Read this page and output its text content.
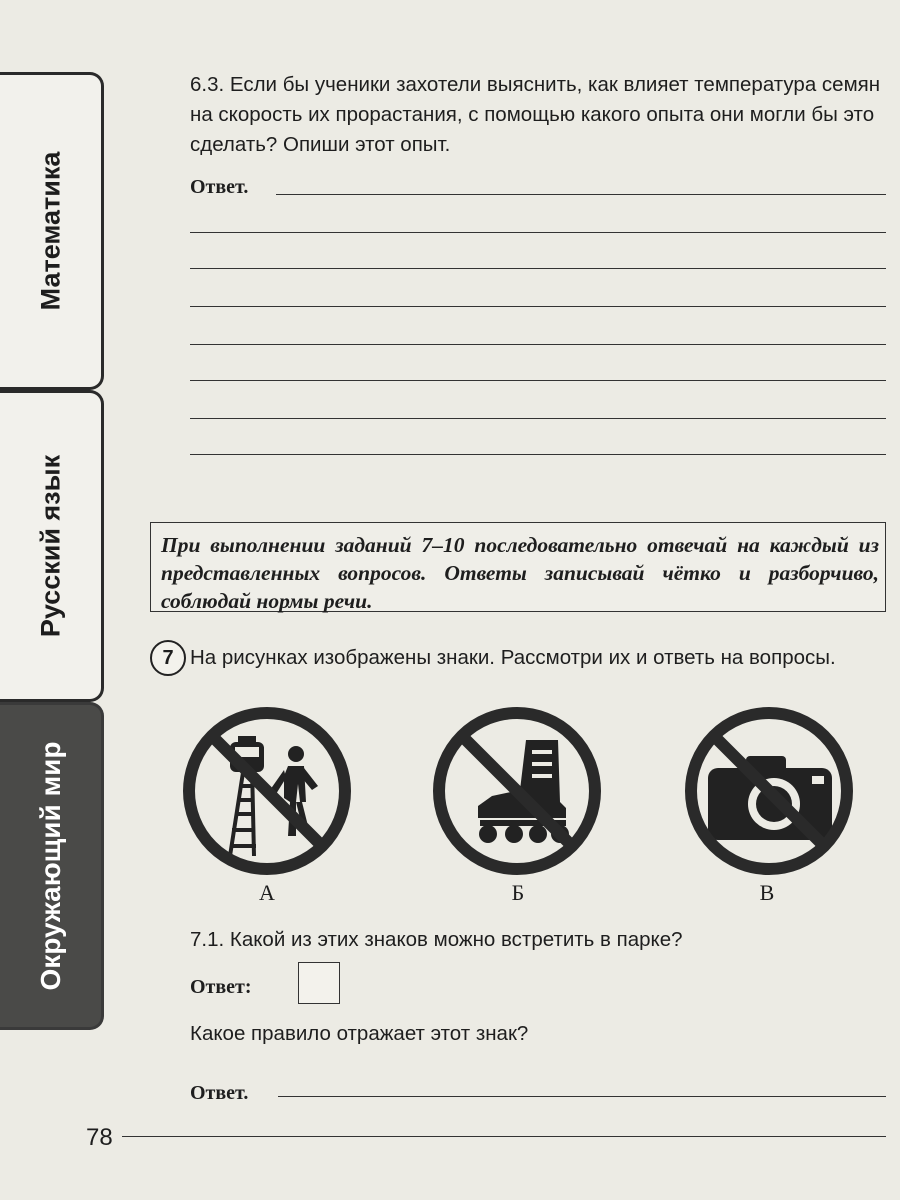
Математика
Русский язык
Окружающий мир
6.3. Если бы ученики захотели выяснить, как влияет температура семян на скорость их прорастания, с помощью какого опыта они могли бы это сделать? Опиши этот опыт.
Ответ.
При выполнении заданий 7–10 последовательно отвечай на каждый из представленных вопросов. Ответы записывай чётко и разборчиво, соблюдай нормы речи.
7 На рисунках изображены знаки. Рассмотри их и ответь на вопросы.
А	Б	В
7.1. Какой из этих знаков можно встретить в парке?
Ответ:
Какое правило отражает этот знак?
Ответ.
78
